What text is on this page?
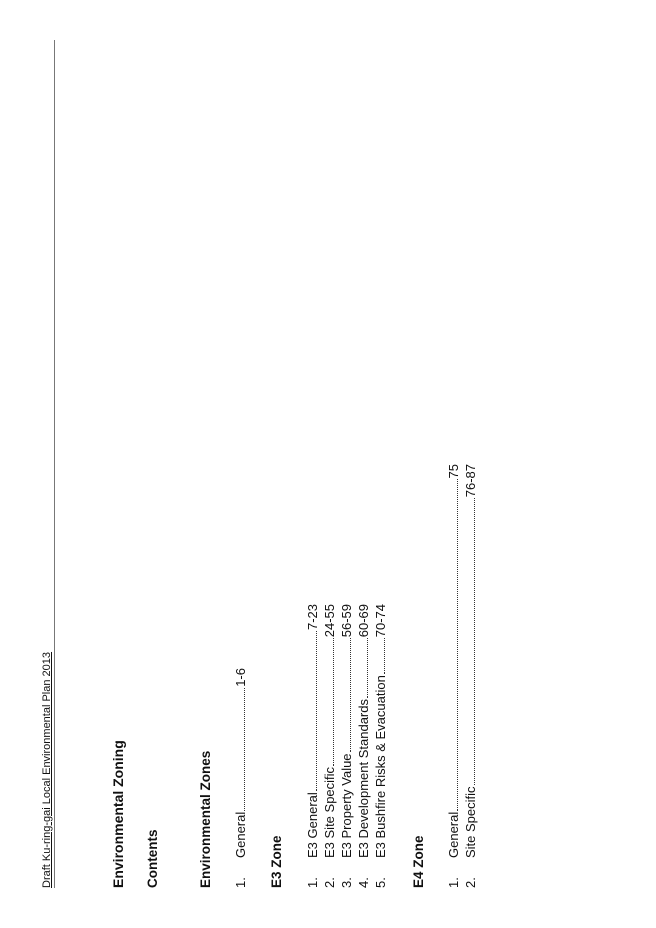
Draft Ku-ring-gai Local Environmental Plan 2013	Environmental Zoning Contents	Environmental Zones 1.
General
1-6
E3 Zone 1.
E3 General
7-23
2.
E3 Site Specific
24-55
3.
E3 Property Value
56-59
4.
E3 Development Standards
60-69
5.
E3 Bushfire Risks & Evacuation
70-74
E4 Zone 1.
General
75
2.
Site Specific
76-87
